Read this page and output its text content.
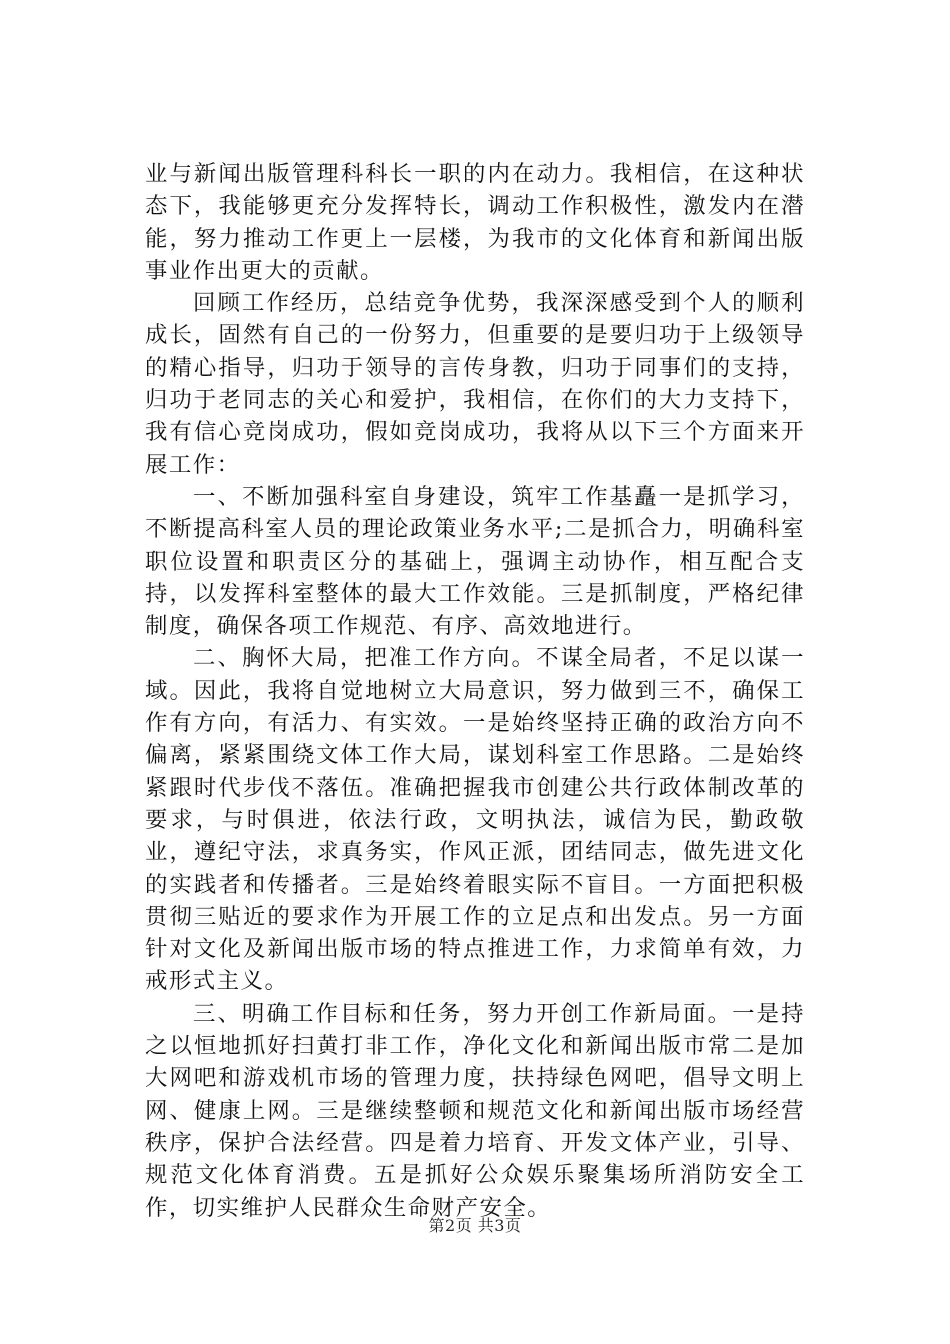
业与新闻出版管理科科长一职的内在动力。我相信，在这种状态下，我能够更充分发挥特长，调动工作积极性，激发内在潜能，努力推动工作更上一层楼，为我市的文化体育和新闻出版事业作出更大的贡献。

回顾工作经历，总结竞争优势，我深深感受到个人的顺利成长，固然有自己的一份努力，但重要的是要归功于上级领导的精心指导，归功于领导的言传身教，归功于同事们的支持，归功于老同志的关心和爱护，我相信，在你们的大力支持下，我有信心竞岗成功，假如竞岗成功，我将从以下三个方面来开展工作：

一、不断加强科室自身建设，筑牢工作基矗一是抓学习，不断提高科室人员的理论政策业务水平;二是抓合力，明确科室职位设置和职责区分的基础上，强调主动协作，相互配合支持，以发挥科室整体的最大工作效能。三是抓制度，严格纪律制度，确保各项工作规范、有序、高效地进行。

二、胸怀大局，把准工作方向。不谋全局者，不足以谋一域。因此，我将自觉地树立大局意识，努力做到三不，确保工作有方向，有活力、有实效。一是始终坚持正确的政治方向不偏离，紧紧围绕文体工作大局，谋划科室工作思路。二是始终紧跟时代步伐不落伍。准确把握我市创建公共行政体制改革的要求，与时俱进，依法行政，文明执法，诚信为民，勤政敬业，遵纪守法，求真务实，作风正派，团结同志，做先进文化的实践者和传播者。三是始终着眼实际不盲目。一方面把积极贯彻三贴近的要求作为开展工作的立足点和出发点。另一方面针对文化及新闻出版市场的特点推进工作，力求简单有效，力戒形式主义。

三、明确工作目标和任务，努力开创工作新局面。一是持之以恒地抓好扫黄打非工作，净化文化和新闻出版市常二是加大网吧和游戏机市场的管理力度，扶持绿色网吧，倡导文明上网、健康上网。三是继续整顿和规范文化和新闻出版市场经营秩序，保护合法经营。四是着力培育、开发文体产业，引导、规范文化体育消费。五是抓好公众娱乐聚集场所消防安全工作，切实维护人民群众生命财产安全。

第2页 共3页
